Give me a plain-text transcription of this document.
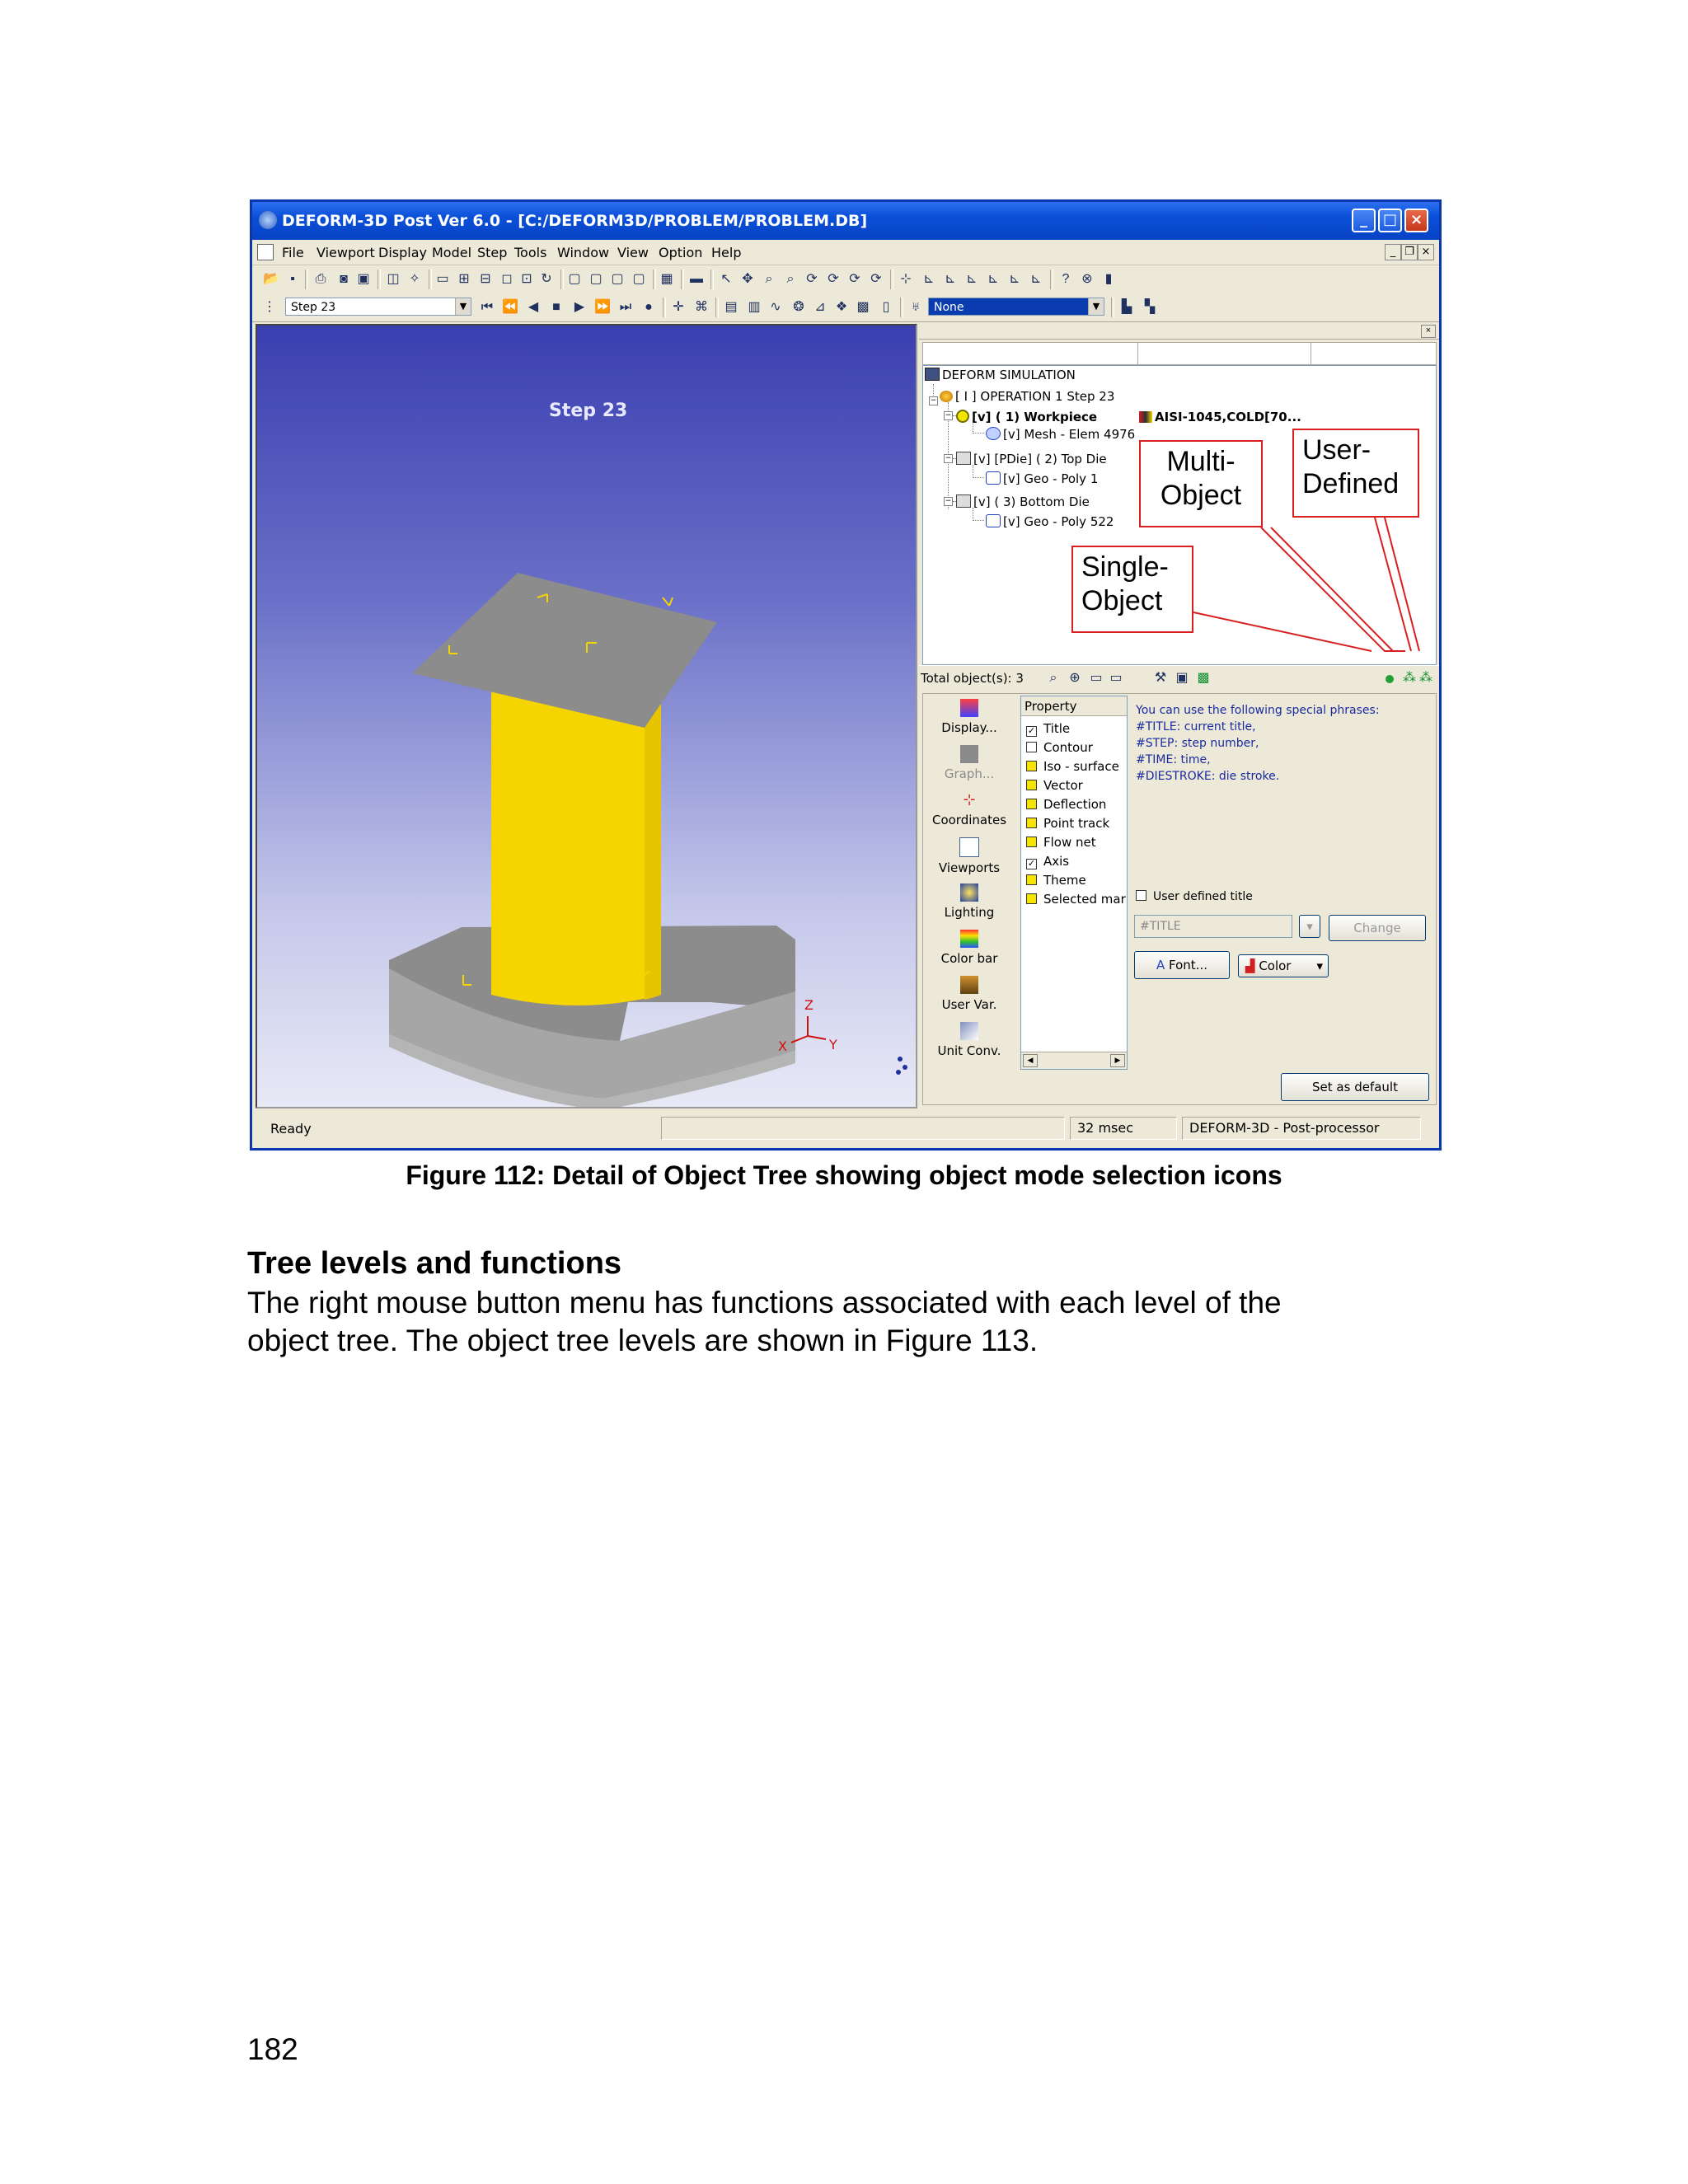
DEFORM-3D Post Ver 6.0 - [C:/DEFORM3D/PROBLEM/PROBLEM.DB]	_	□ ×
File Viewport Display Model Step Tools Window View Option Help	_ ❐ ×
📂 ▪	⎙	◙ ▣ ◫ ✧ ▭ ⊞ ⊟ ◻ ⊡ ↻ ▢ ▢ ▢ ▢ ▦ ▬ ↖ ✥ ⌕	⌕ ⟳ ⟳ ⟳ ⟳ ⊹ ⊾ ⊾ ⊾ ⊾ ⊾ ⊾	? ⊗ ▮
⋮	Step 23	▼ ⏮ ⏪ ◀	■	▶ ⏩ ⏭ ●	✛ ⌘ ▤ ▥ ∿ ❂ ⊿ ❖ ▩	▯	♅	None	▼	▙ ▚
Z
X	Y
Step 23
×
−
−
−
−
DEFORM SIMULATION
[ I ] OPERATION 1 Step 23
[v] ( 1) Workpiece	AISI-1045,COLD[70...
[v] Mesh - Elem 4976
[v] [PDie] ( 2) Top Die
[v] Geo - Poly 1
[v] ( 3) Bottom Die
[v] Geo - Poly 522
Total object(s): 3	⌕ ⊕ ▭ ▭ ⚒ ▣ ▩	⁂ ⁂
Display...
Graph...
⊹
Coordinates
Viewports
Lighting
Color bar
User Var.
Unit Conv.
Property
✓ Title
Contour
Iso - surface
Vector
Deflection
Point track
Flow net
✓ Axis
Theme
Selected mar
◀	▶
You can use the following special phrases:
#TITLE: current title,
#STEP: step number,
#TIME: time,
#DIESTROKE: die stroke.
User defined title
#TITLE	▾	Change
A Font...	▟ Color ▾
Set as default
Ready	32 msec	DEFORM-3D - Post-processor
Multi-
Object
User-
Defined
Single-
Object
Figure 112: Detail of Object Tree showing object mode selection icons
Tree levels and functions
The right mouse button menu has functions associated with each level of the
object tree. The object tree levels are shown in Figure 113.
182
